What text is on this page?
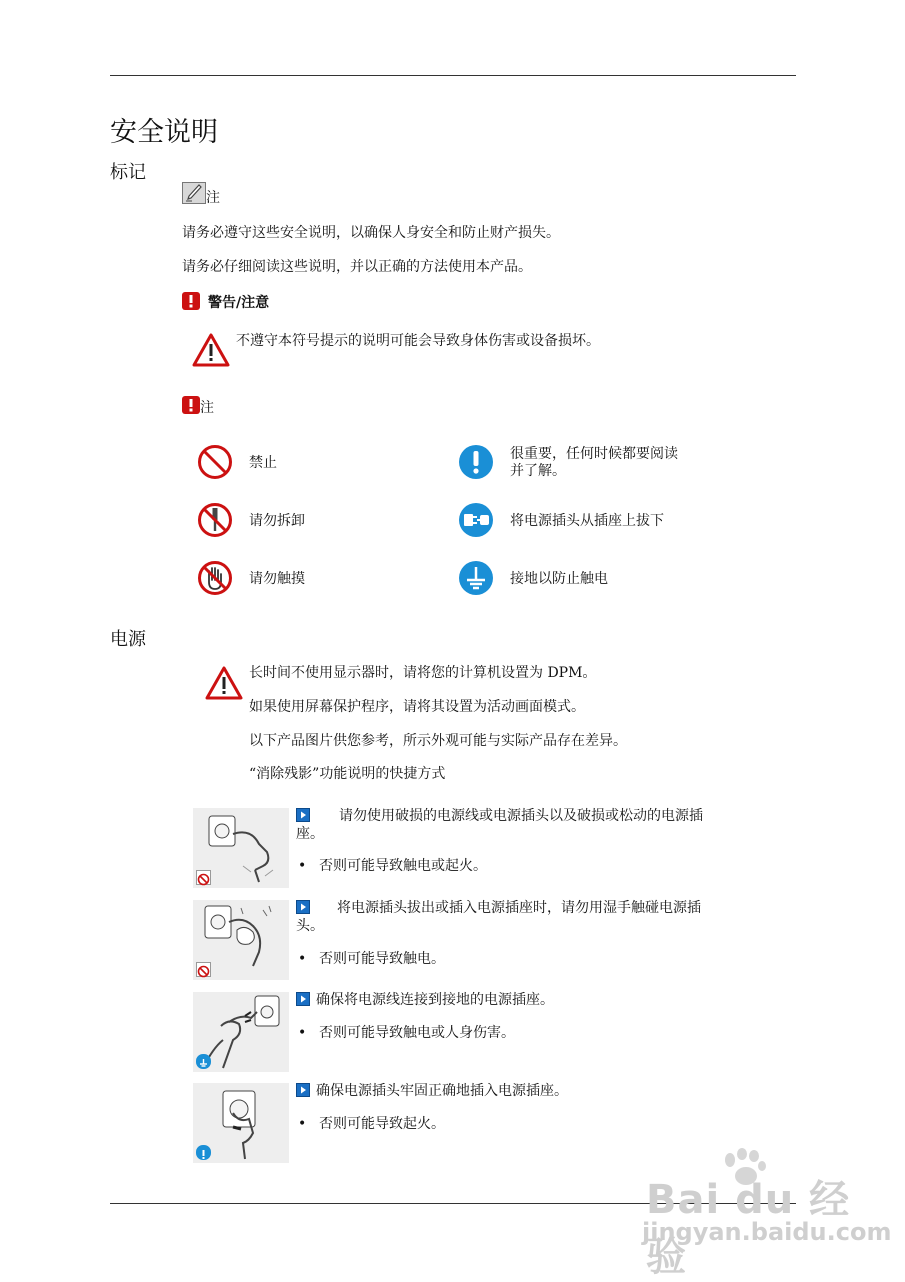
安全说明
标记
注
请务必遵守这些安全说明，以确保人身安全和防止财产损失。
请务必仔细阅读这些说明，并以正确的方法使用本产品。
警告/注意
不遵守本符号提示的说明可能会导致身体伤害或设备损坏。
注
禁止
很重要，任何时候都要阅读
并了解。
请勿拆卸	将电源插头从插座上拔下
请勿触摸	接地以防止触电
电源
长时间不使用显示器时，请将您的计算机设置为 DPM。
如果使用屏幕保护程序，请将其设置为活动画面模式。
以下产品图片供您参考，所示外观可能与实际产品存在差异。
“消除残影”功能说明的快捷方式
请勿使用破损的电源线或电源插头以及破损或松动的电源插
座。
• 否则可能导致触电或起火。
将电源插头拔出或插入电源插座时，请勿用湿手触碰电源插
头。
• 否则可能导致触电。
确保将电源线连接到接地的电源插座。
• 否则可能导致触电或人身伤害。
确保电源插头牢固正确地插入电源插座。
• 否则可能导致起火。
Bai du 经验
jingyan.baidu.com
